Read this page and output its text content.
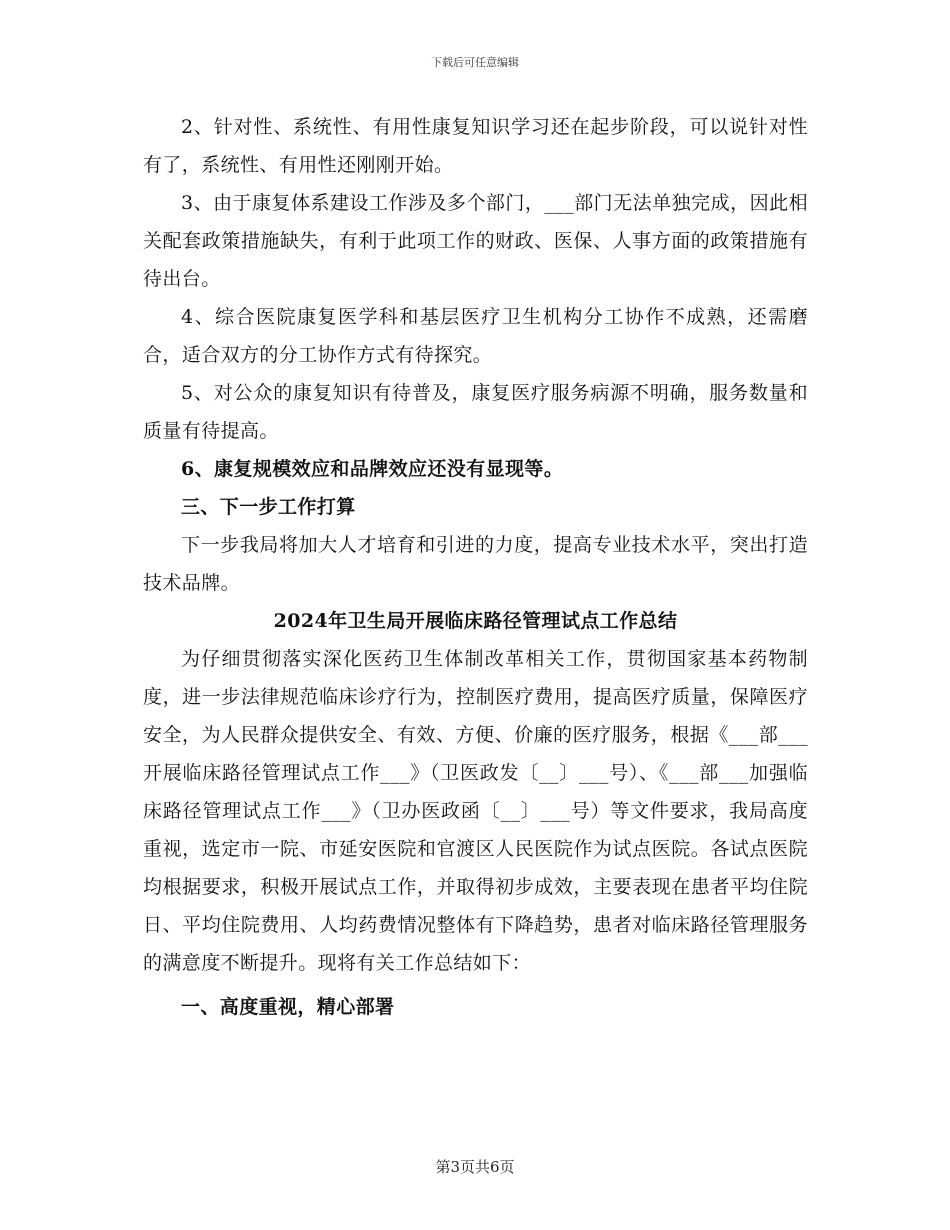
下载后可任意编辑

2、针对性、系统性、有用性康复知识学习还在起步阶段，可以说针对性有了，系统性、有用性还刚刚开始。

3、由于康复体系建设工作涉及多个部门，___部门无法单独完成，因此相关配套政策措施缺失，有利于此项工作的财政、医保、人事方面的政策措施有待出台。

4、综合医院康复医学科和基层医疗卫生机构分工协作不成熟，还需磨合，适合双方的分工协作方式有待探究。

5、对公众的康复知识有待普及，康复医疗服务病源不明确，服务数量和质量有待提高。

6、康复规模效应和品牌效应还没有显现等。

三、下一步工作打算

下一步我局将加大人才培育和引进的力度，提高专业技术水平，突出打造技术品牌。

2024年卫生局开展临床路径管理试点工作总结

为仔细贯彻落实深化医药卫生体制改革相关工作，贯彻国家基本药物制度，进一步法律规范临床诊疗行为，控制医疗费用，提高医疗质量，保障医疗安全，为人民群众提供安全、有效、方便、价廉的医疗服务，根据《___部___开展临床路径管理试点工作___》（卫医政发〔__〕___号）、《___部___加强临床路径管理试点工作___》（卫办医政函〔__〕___号）等文件要求，我局高度重视，选定市一院、市延安医院和官渡区人民医院作为试点医院。各试点医院均根据要求，积极开展试点工作，并取得初步成效，主要表现在患者平均住院日、平均住院费用、人均药费情况整体有下降趋势，患者对临床路径管理服务的满意度不断提升。现将有关工作总结如下：

一、高度重视，精心部署

第3页共6页
